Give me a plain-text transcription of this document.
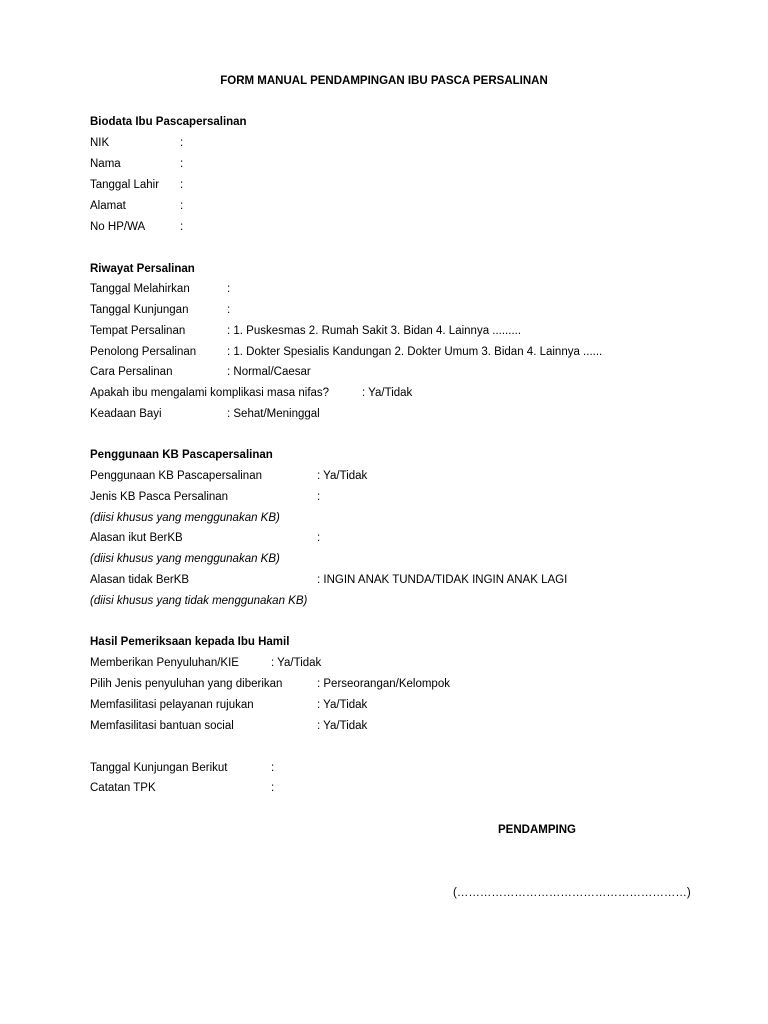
FORM MANUAL PENDAMPINGAN IBU PASCA PERSALINAN
Biodata Ibu Pascapersalinan
NIK	:
Nama	:
Tanggal Lahir :
Alamat	:
No HP/WA	:
Riwayat Persalinan
Tanggal Melahirkan	:
Tanggal Kunjungan	:
Tempat Persalinan	: 1. Puskesmas 2. Rumah Sakit 3. Bidan 4. Lainnya .........
Penolong Persalinan	: 1. Dokter Spesialis Kandungan 2. Dokter Umum 3. Bidan 4. Lainnya ......
Cara Persalinan	: Normal/Caesar
Apakah ibu mengalami komplikasi masa nifas?	: Ya/Tidak
Keadaan Bayi	: Sehat/Meninggal
Penggunaan KB Pascapersalinan
Penggunaan KB Pascapersalinan	: Ya/Tidak
Jenis KB Pasca Persalinan	:
(diisi khusus yang menggunakan KB)
Alasan ikut BerKB	:
(diisi khusus yang menggunakan KB)
Alasan tidak BerKB	: INGIN ANAK TUNDA/TIDAK INGIN ANAK LAGI
(diisi khusus yang tidak menggunakan KB)
Hasil Pemeriksaan kepada Ibu Hamil
Memberikan Penyuluhan/KIE	: Ya/Tidak
Pilih Jenis penyuluhan yang diberikan	: Perseorangan/Kelompok
Memfasilitasi pelayanan rujukan	: Ya/Tidak
Memfasilitasi bantuan social	: Ya/Tidak
Tanggal Kunjungan Berikut	:
Catatan TPK	:
PENDAMPING
(……………………………………………………)
